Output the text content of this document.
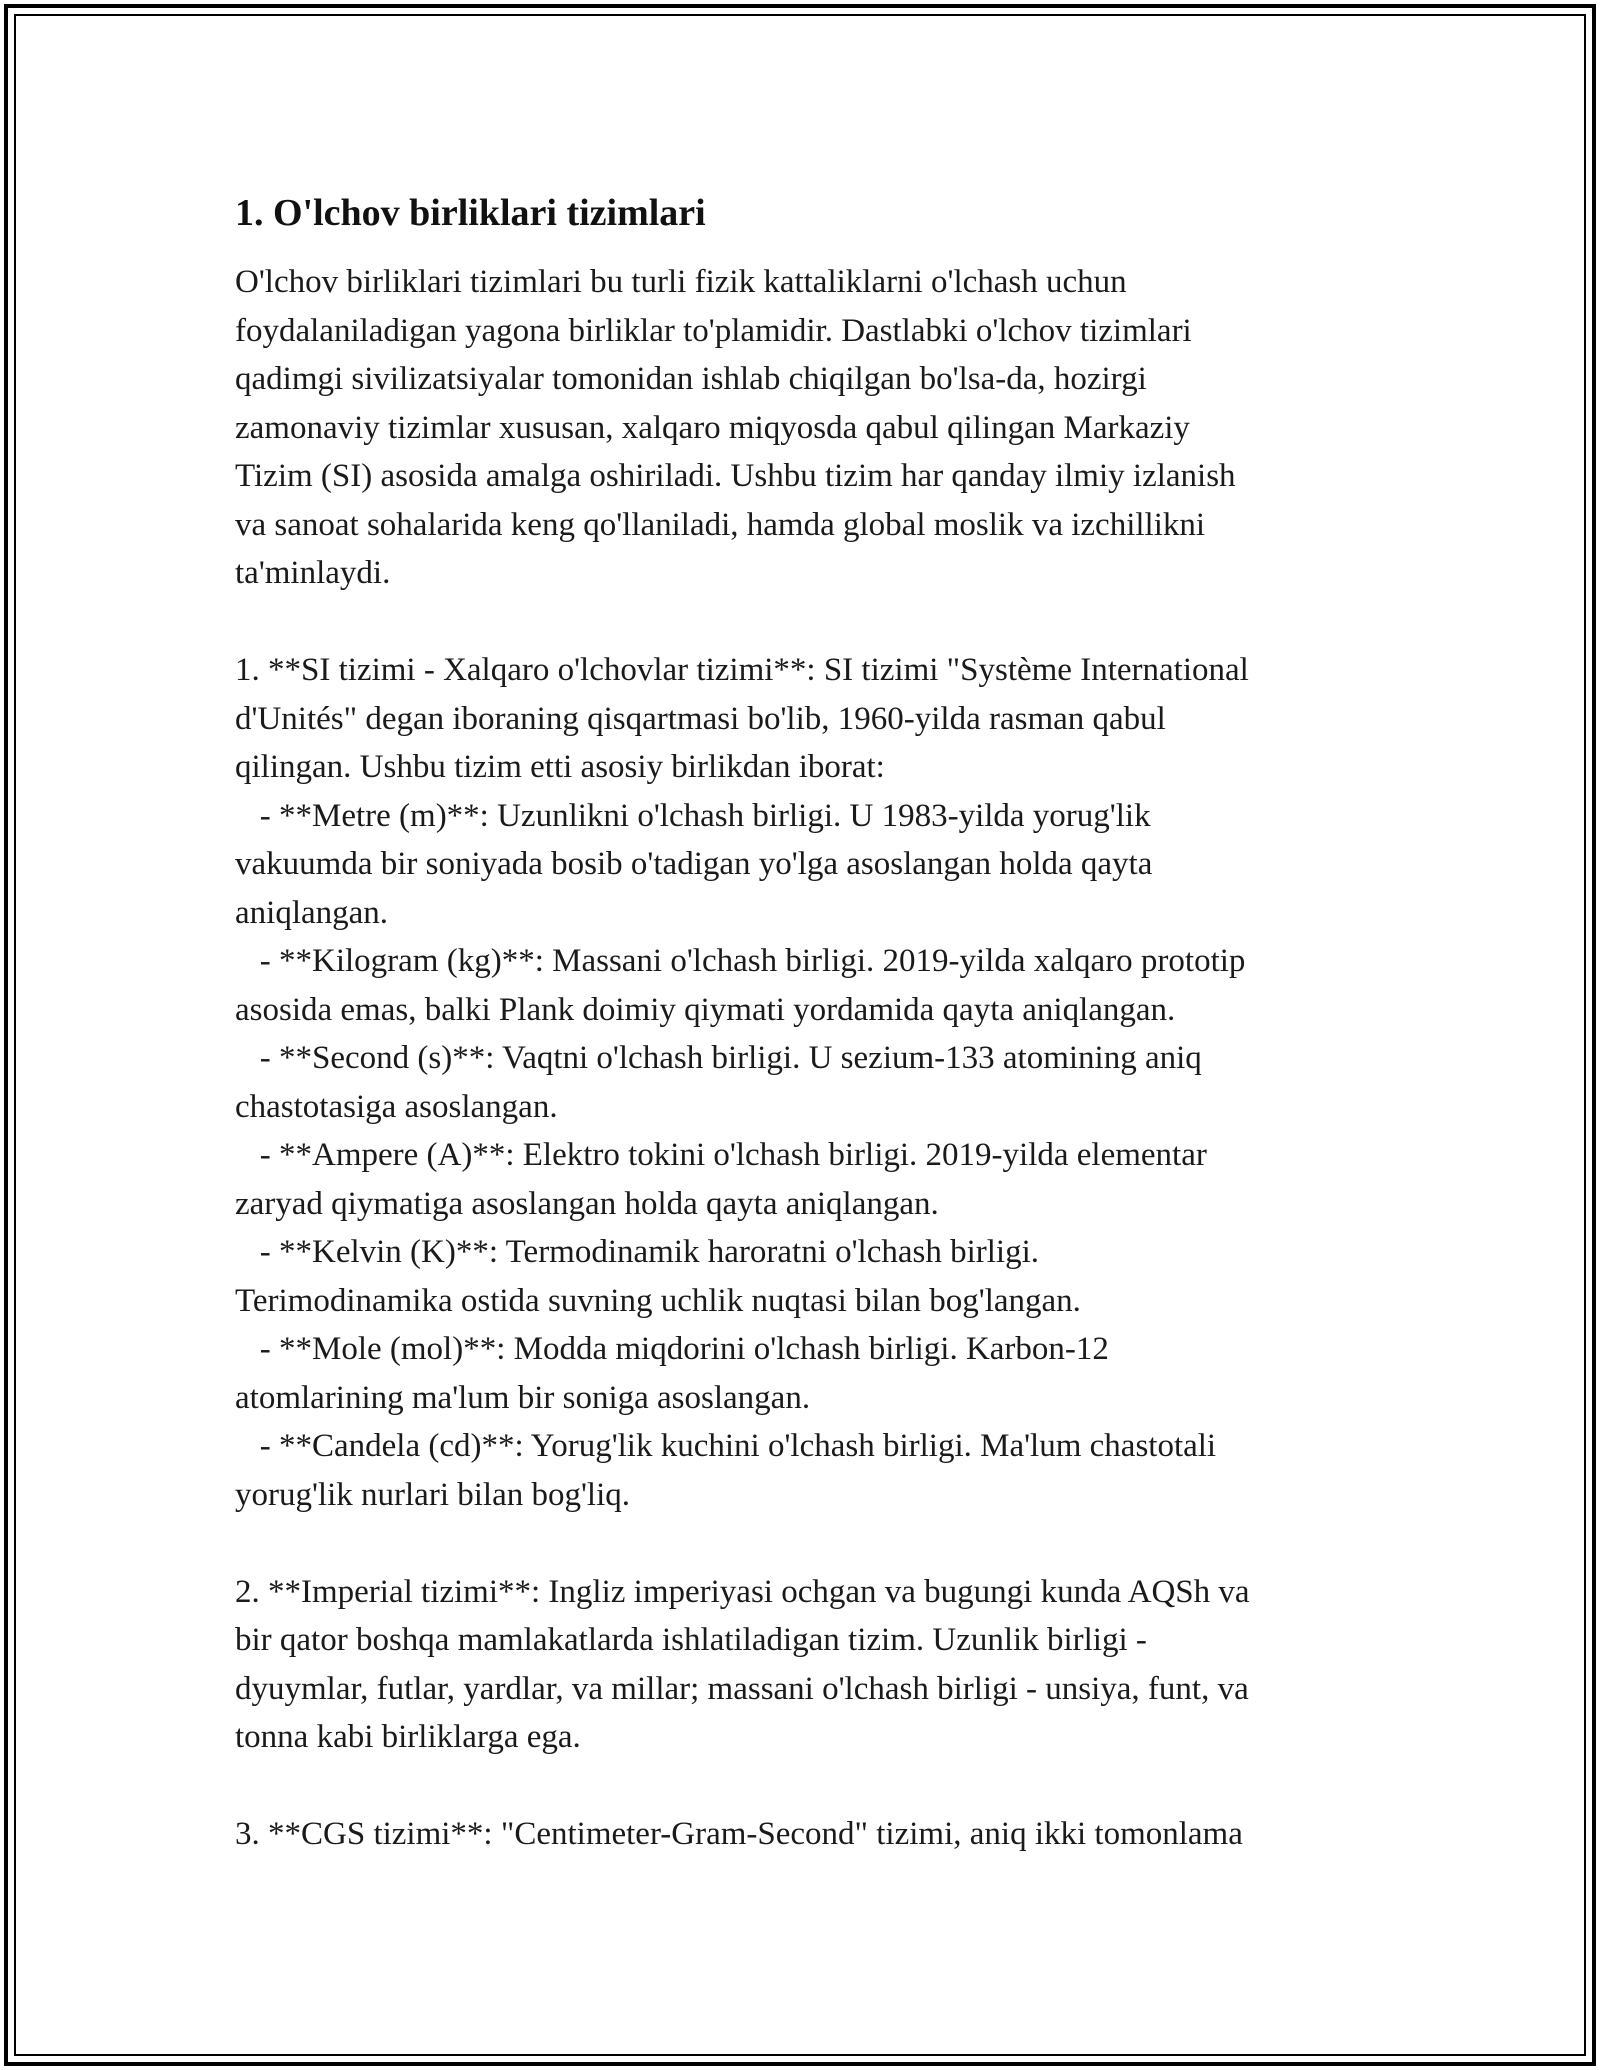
1. O'lchov birliklari tizimlari

O'lchov birliklari tizimlari bu turli fizik kattaliklarni o'lchash uchun

foydalaniladigan yagona birliklar to'plamidir. Dastlabki o'lchov tizimlari

qadimgi sivilizatsiyalar tomonidan ishlab chiqilgan bo'lsa-da, hozirgi

zamonaviy tizimlar xususan, xalqaro miqyosda qabul qilingan Markaziy

Tizim (SI) asosida amalga oshiriladi. Ushbu tizim har qanday ilmiy izlanish

va sanoat sohalarida keng qo'llaniladi, hamda global moslik va izchillikni

ta'minlaydi.

1. **SI tizimi - Xalqaro o'lchovlar tizimi**: SI tizimi "Système International

d'Unités" degan iboraning qisqartmasi bo'lib, 1960-yilda rasman qabul

qilingan. Ushbu tizim etti asosiy birlikdan iborat:

- **Metre (m)**: Uzunlikni o'lchash birligi. U 1983-yilda yorug'lik

vakuumda bir soniyada bosib o'tadigan yo'lga asoslangan holda qayta

aniqlangan.

- **Kilogram (kg)**: Massani o'lchash birligi. 2019-yilda xalqaro prototip

asosida emas, balki Plank doimiy qiymati yordamida qayta aniqlangan.

- **Second (s)**: Vaqtni o'lchash birligi. U sezium-133 atomining aniq

chastotasiga asoslangan.

- **Ampere (A)**: Elektro tokini o'lchash birligi. 2019-yilda elementar

zaryad qiymatiga asoslangan holda qayta aniqlangan.

- **Kelvin (K)**: Termodinamik haroratni o'lchash birligi.

Terimodinamika ostida suvning uchlik nuqtasi bilan bog'langan.

- **Mole (mol)**: Modda miqdorini o'lchash birligi. Karbon-12

atomlarining ma'lum bir soniga asoslangan.

- **Candela (cd)**: Yorug'lik kuchini o'lchash birligi. Ma'lum chastotali

yorug'lik nurlari bilan bog'liq.

2. **Imperial tizimi**: Ingliz imperiyasi ochgan va bugungi kunda AQSh va

bir qator boshqa mamlakatlarda ishlatiladigan tizim. Uzunlik birligi -

dyuymlar, futlar, yardlar, va millar; massani o'lchash birligi - unsiya, funt, va

tonna kabi birliklarga ega.

3. **CGS tizimi**: "Centimeter-Gram-Second" tizimi, aniq ikki tomonlama
